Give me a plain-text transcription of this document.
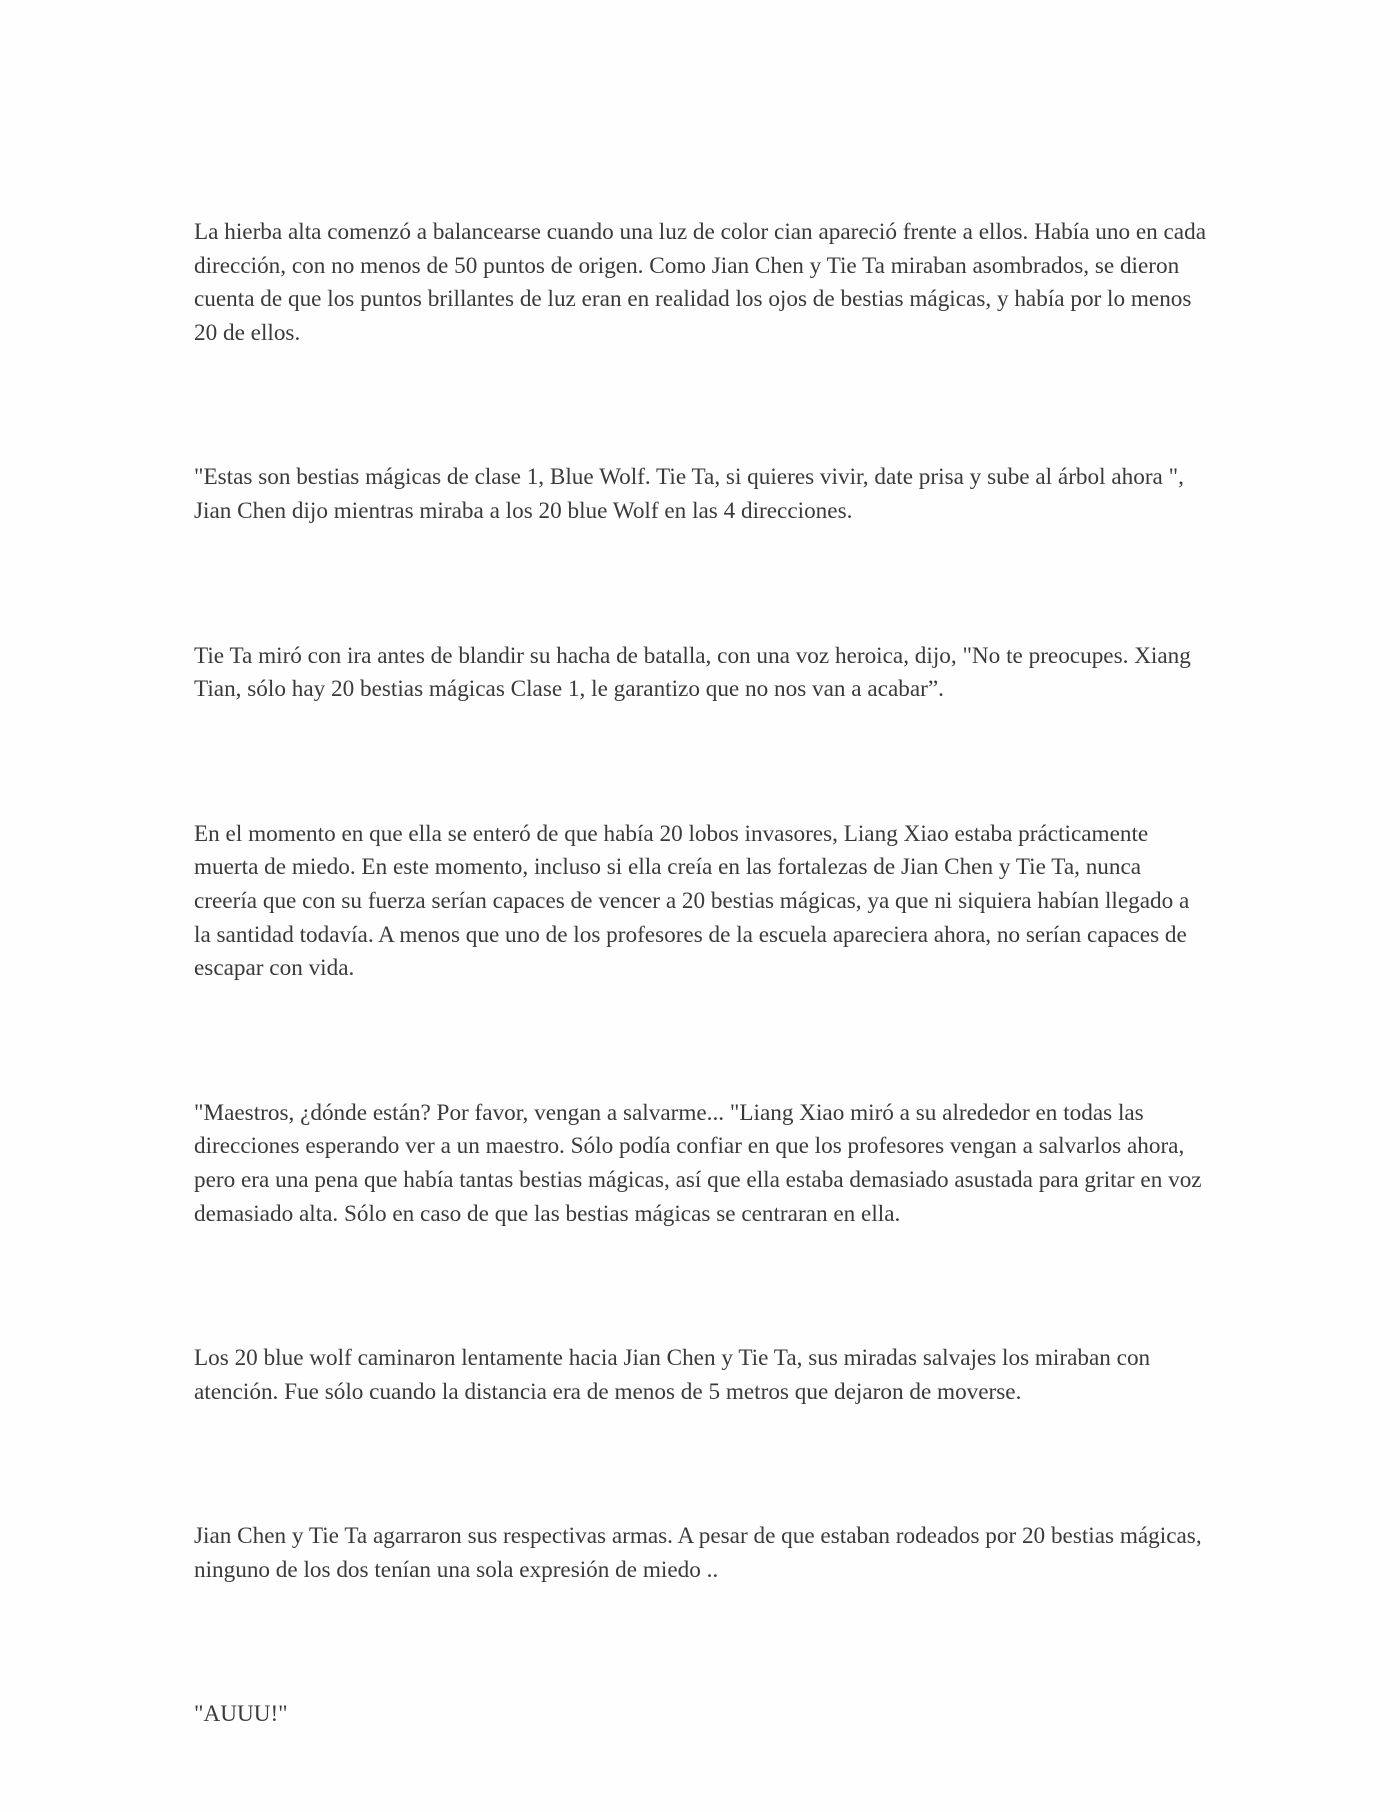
La hierba alta comenzó a balancearse cuando una luz de color cian apareció frente a ellos. Había uno en cada dirección, con no menos de 50 puntos de origen. Como Jian Chen y Tie Ta miraban asombrados, se dieron cuenta de que los puntos brillantes de luz eran en realidad los ojos de bestias mágicas, y había por lo menos 20 de ellos.

"Estas son bestias mágicas de clase 1, Blue Wolf. Tie Ta, si quieres vivir, date prisa y sube al árbol ahora ", Jian Chen dijo mientras miraba a los 20 blue Wolf en las 4 direcciones.

Tie Ta miró con ira antes de blandir su hacha de batalla, con una voz heroica, dijo, "No te preocupes. Xiang Tian, sólo hay 20 bestias mágicas Clase 1, le garantizo que no nos van a acabar”.

En el momento en que ella se enteró de que había 20 lobos invasores, Liang Xiao estaba prácticamente muerta de miedo. En este momento, incluso si ella creía en las fortalezas de Jian Chen y Tie Ta, nunca creería que con su fuerza serían capaces de vencer a 20 bestias mágicas, ya que ni siquiera habían llegado a la santidad todavía. A menos que uno de los profesores de la escuela apareciera ahora, no serían capaces de escapar con vida.

"Maestros, ¿dónde están? Por favor, vengan a salvarme... "Liang Xiao miró a su alrededor en todas las direcciones esperando ver a un maestro. Sólo podía confiar en que los profesores vengan a salvarlos ahora, pero era una pena que había tantas bestias mágicas, así que ella estaba demasiado asustada para gritar en voz demasiado alta. Sólo en caso de que las bestias mágicas se centraran en ella.

Los 20 blue wolf caminaron lentamente hacia Jian Chen y Tie Ta, sus miradas salvajes los miraban con atención. Fue sólo cuando la distancia era de menos de 5 metros que dejaron de moverse.

Jian Chen y Tie Ta agarraron sus respectivas armas. A pesar de que estaban rodeados por 20 bestias mágicas, ninguno de los dos tenían una sola expresión de miedo ..

"AUUU!"
